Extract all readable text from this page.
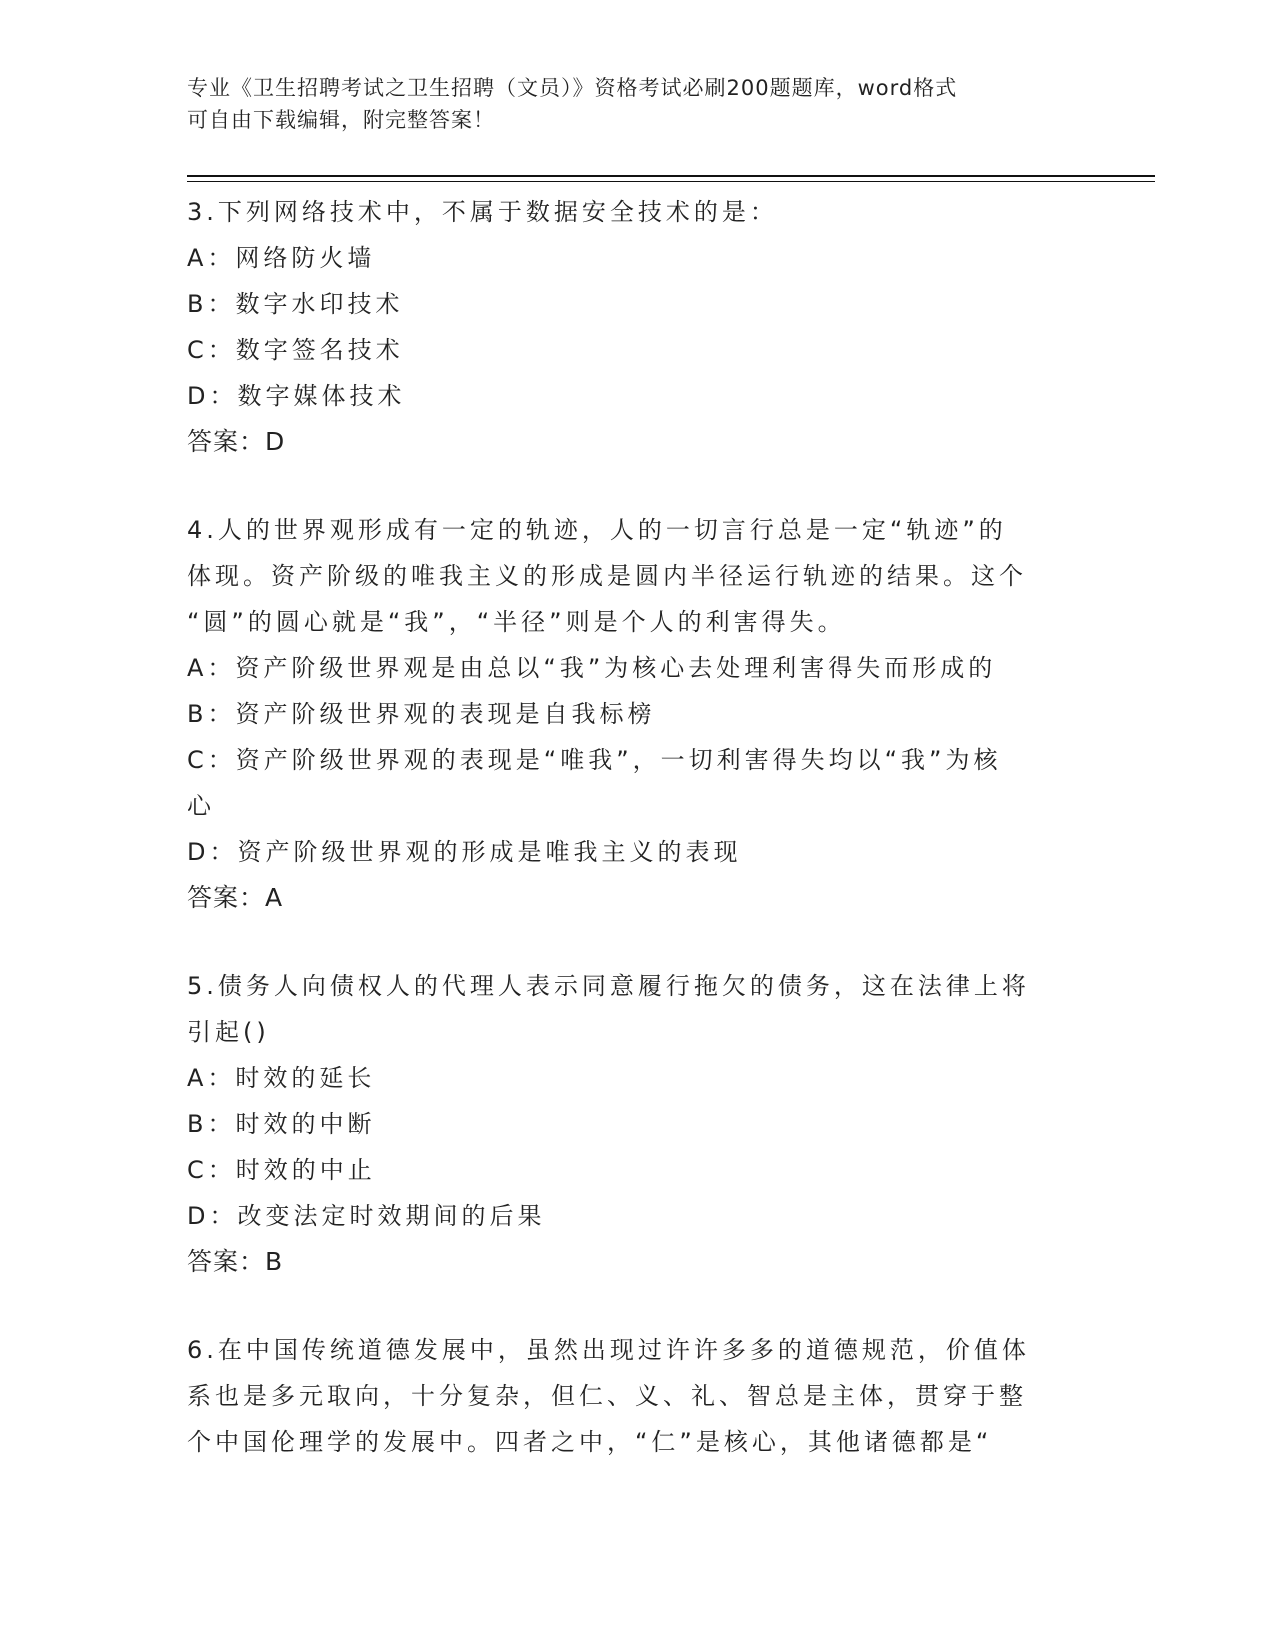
专业《卫生招聘考试之卫生招聘（文员）》资格考试必刷200题题库，word格式
可自由下载编辑，附完整答案！
3.下列网络技术中，不属于数据安全技术的是：
A：网络防火墙
B：数字水印技术
C：数字签名技术
D：数字媒体技术
答案：D
4.人的世界观形成有一定的轨迹，人的一切言行总是一定“轨迹”的
体现。资产阶级的唯我主义的形成是圆内半径运行轨迹的结果。这个
“圆”的圆心就是“我”，“半径”则是个人的利害得失。
A：资产阶级世界观是由总以“我”为核心去处理利害得失而形成的
B：资产阶级世界观的表现是自我标榜
C：资产阶级世界观的表现是“唯我”，一切利害得失均以“我”为核
心
D：资产阶级世界观的形成是唯我主义的表现
答案：A
5.债务人向债权人的代理人表示同意履行拖欠的债务，这在法律上将
引起()
A：时效的延长
B：时效的中断
C：时效的中止
D：改变法定时效期间的后果
答案：B
6.在中国传统道德发展中，虽然出现过许许多多的道德规范，价值体
系也是多元取向，十分复杂，但仁、义、礼、智总是主体，贯穿于整
个中国伦理学的发展中。四者之中，“仁”是核心，其他诸德都是“
